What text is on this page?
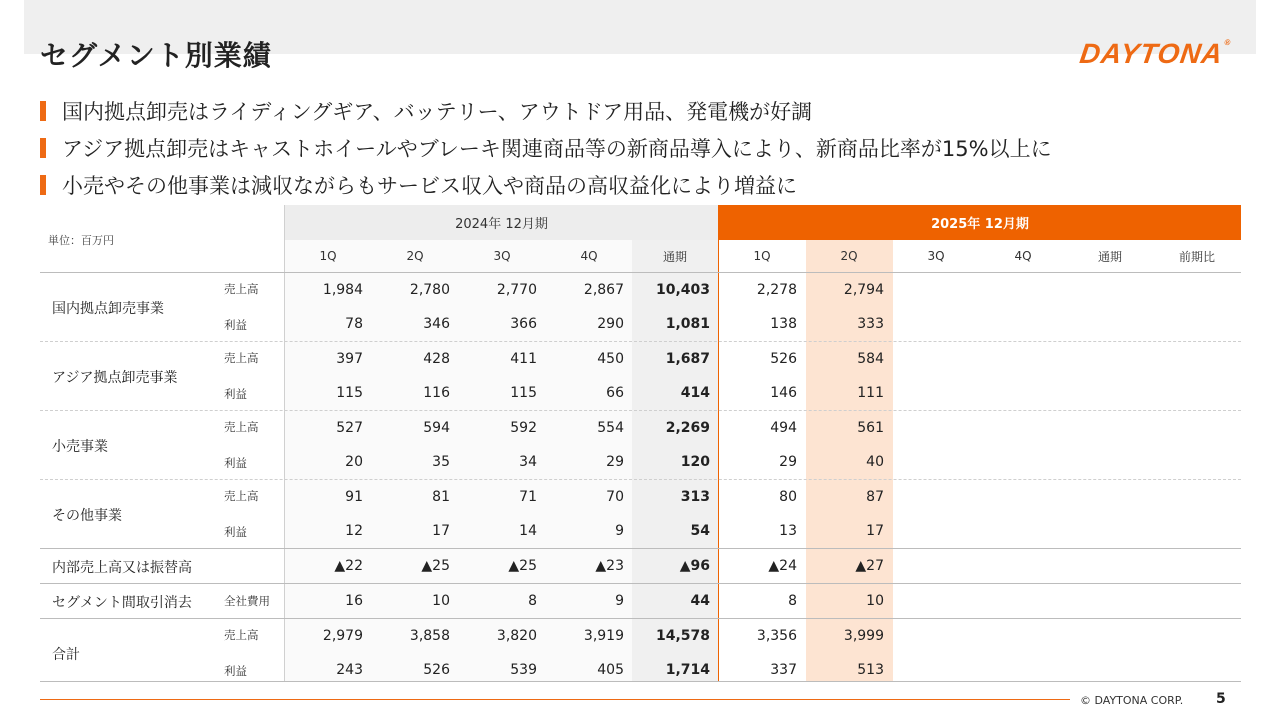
セグメント別業績	DAYTONA®
国内拠点卸売はライディングギア、バッテリー、アウトドア用品、発電機が好調
アジア拠点卸売はキャストホイールやブレーキ関連商品等の新商品導入により、新商品比率が15%以上に
小売やその他事業は減収ながらもサービス収入や商品の高収益化により増益に
単位：百万円
2024年 12月期	2025年 12月期
1Q	2Q	3Q	4Q	通期	1Q	2Q	3Q	4Q	通期	前期比
国内拠点卸売事業
売上高	1,984	2,780	2,770	2,867	10,403	2,278	2,794
利益	78	346	366	290	1,081	138	333
アジア拠点卸売事業
売上高	397	428	411	450	1,687	526	584
利益	115	116	115	66	414	146	111
小売事業
売上高	527	594	592	554	2,269	494	561
利益	20	35	34	29	120	29	40
その他事業
売上高	91	81	71	70	313	80	87
利益	12	17	14	9	54	13	17
内部売上高又は振替高	▲22	▲25	▲25	▲23	▲96	▲24	▲27
セグメント間取引消去	全社費用	16	10	8	9	44	8	10
合計
売上高	2,979	3,858	3,820	3,919	14,578	3,356	3,999
利益	243	526	539	405	1,714	337	513
© DAYTONA CORP. 5
